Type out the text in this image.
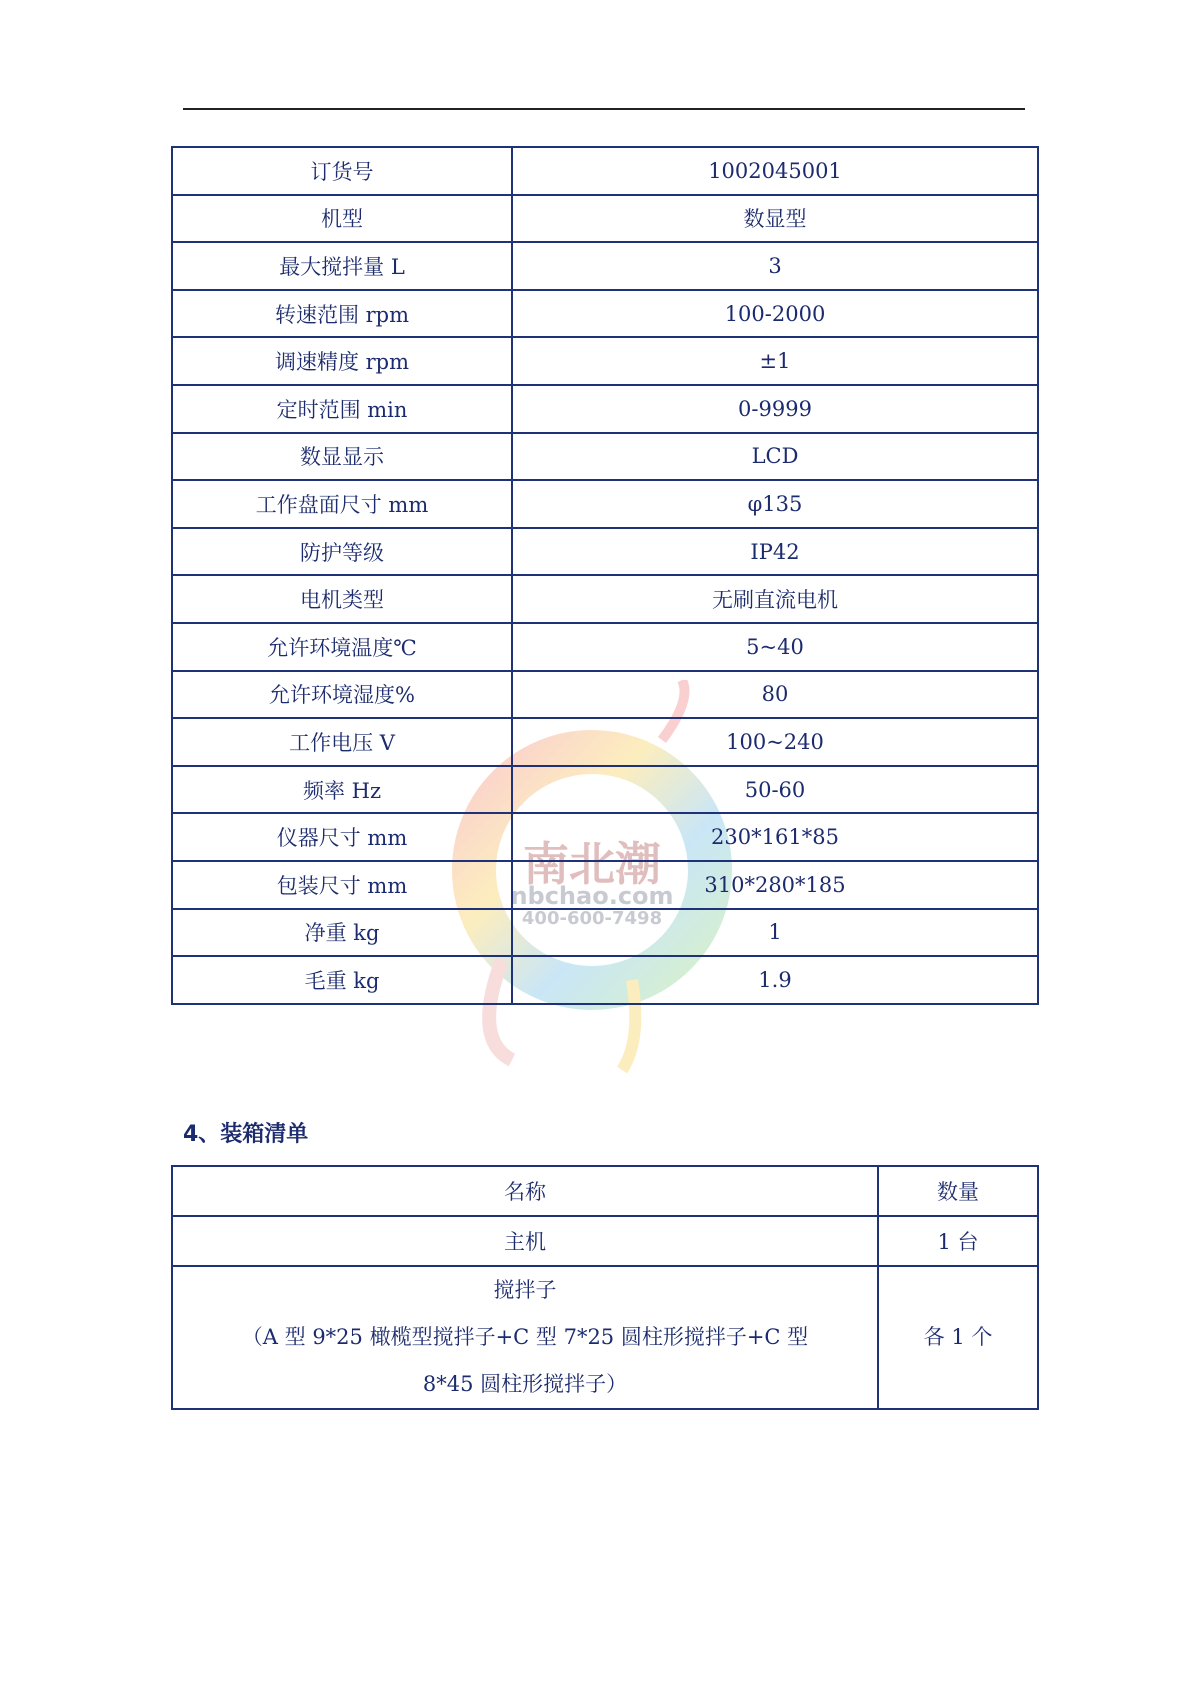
南北潮
nbchao.com
400-600-7498
订货号	1002045001
机型	数显型
最大搅拌量 L	3
转速范围 rpm	100-2000
调速精度 rpm	±1
定时范围 min	0-9999
数显显示	LCD
工作盘面尺寸 mm	φ135
防护等级	IP42
电机类型	无刷直流电机
允许环境温度℃	5~40
允许环境湿度%	80
工作电压 V	100~240
频率 Hz	50-60
仪器尺寸 mm	230*161*85
包装尺寸 mm	310*280*185
净重 kg	1
毛重 kg	1.9
4、装箱清单
名称	数量
主机	1 台

搅拌子
（A 型 9*25 橄榄型搅拌子+C 型 7*25 圆柱形搅拌子+C 型
8*45 圆柱形搅拌子）	各 1 个
